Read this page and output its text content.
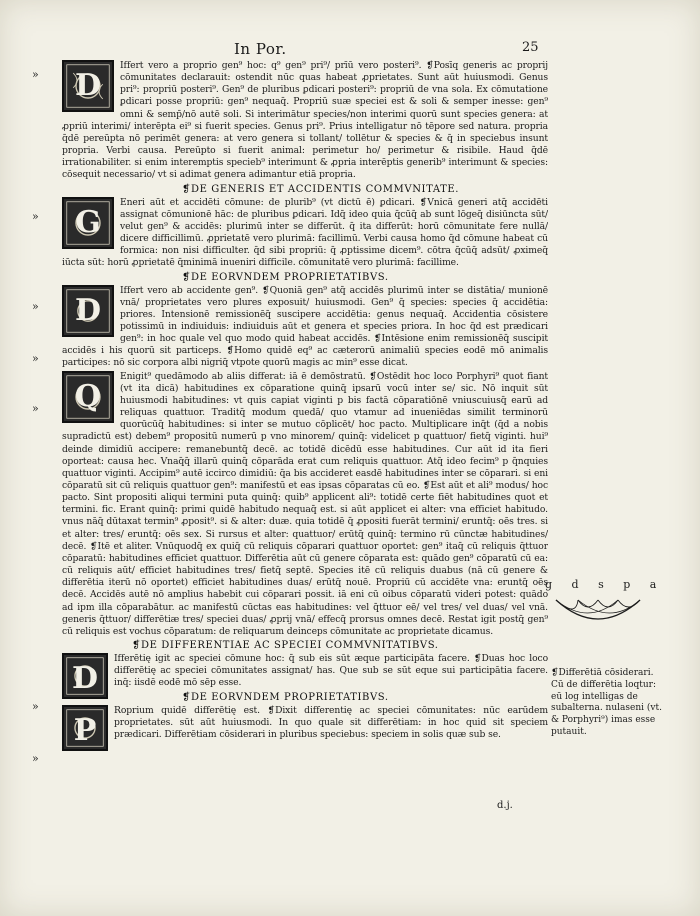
In Por.	25
»
»
»
»
»
»
»
D

Iffert vero a proprio gen⁹ hoc: q⁹ gen⁹ pri⁹/ prīū vero posteri⁹. ❡Posīq generis ac proprij cōmunitates declarauit: ostendit nūc quas habeat ꝓprietates. Sunt aūt huiusmodi. Genus pri⁹: propriū posteri⁹. Gen⁹ de pluribus ꝑdicari posteri⁹: propriū de vna sola. Ex cōmutatione ꝑdicari posse propriū: gen⁹ nequaq̄. Propriū suæ speciei est & soli & semper inesse: gen⁹ omni & semp̄/nō autē soli. Si interimātur species/non interimi quorū sunt species genera: at ꝓpriū interimi/ interēpta ei⁹ si fuerit species. Genus pri⁹. Prius intelligatur nō tēpore sed natura. propria q̄dē pereūpta nō perimēt genera: at vero genera si tollant/ tollētur & species & q̄ in speciebus insunt propria. Verbi causa. Pereūpto si fuerit animal: perimetur ho/ perimetur & risibile. Haud q̄dē irrationabiliter. si enim interemptis specieb⁹ interimunt & ꝓpria interēptis generib⁹ interimunt & species: cōsequit necessario/ vt si adimat genera adimantur etiā propria.

❡DE GENERIS ET ACCIDENTIS COMMVNITATE.
G

Eneri aūt et accidēti cōmune: de plurib⁹ (vt dictū ē) ꝑdicari. ❡Vnicā generi atq̄ accidēti assignat cōmunionē hāc: de pluribus ꝑdicari. Idq̄ ideo quia q̄cūq̄ ab sunt lōgeq̄ disiūncta sūt/ velut gen⁹ & accidēs: plurimū inter se differūt. q̄ ita differūt: horū cōmunitate fere nullā/ dicere difficillimū. ꝓprietatē vero plurimā: facillimū. Verbi causa homo q̄d cōmune habeat cū formica: non nisi difficulter. q̄d sibi propriū: q̄ ꝓptissime dicem⁹. cōtra q̄cūq̄ adsūt/ ꝓximeq̄ iūcta sūt: horū ꝓprietatē q̄minimā inueniri difficile. cōmunitatē vero plurimā: facillime.

❡DE EORVNDEM PROPRIETATIBVS.
D

Iffert vero ab accidente gen⁹. ❡Quoniā gen⁹ atq̄ accidēs plurimū inter se distātia/ munionē vnā/ proprietates vero plures exposuit/ huiusmodi. Gen⁹ q̄ species: species q̄ accidētia: priores. Intensionē remissionēq̄ suscipere accidētia: genus nequaq̄. Accidentia cōsistere potissimū in indiuiduis: indiuiduis aūt et genera et species priora. In hoc q̄d est prædicari gen⁹: in hoc quale vel quo modo quid habeat accidēs. ❡Intēsione enim remissionēq̄ suscipit accidēs i his quorū sit particeps. ❡Homo quidē eq⁹ ac cæterorū animaliū species eodē mō animalis participes: nō sic corpora albi nigriq̄ vtpote quorū magis ac min⁹ esse dicat.

Q

Enigit⁹ quedāmodo ab aliis differat: iā ē demōstratū. ❡Ostēdit hoc loco Porphyri⁹ quot fiant (vt ita dicā) habitudines ex cōparatione quinq̄ ipsarū vocū inter se/ sic. Nō inquit sūt huiusmodi habitudines: vt quis capiat viginti p bis factā cōparatiōnē vniuscuiusq̄ earū ad reliquas quattuor. Traditq̄ modum quedā/ quo vtamur ad inueniēdas similit terminorū quorūcūq̄ habitudines: si inter se mutuo cōplicēt/ hoc pacto. Multiplicare inq̄t (q̄d a nobis supradictū est) debem⁹ propositū numerū p vno minorem/ quinq̄: videlicet p quattuor/ fietq̄ viginti. hui⁹ deinde dimidiū accipere: remanebuntq̄ decē. ac totidē dicēdū esse habitudines. Cur aūt id ita fieri oporteat: causa hec. Vnaq̄q̄ illarū quinq̄ cōparāda erat cum reliquis quattuor. Atq̄ ideo fecim⁹ p q̄nquies quattuor viginti. Accipim⁹ autē iccirco dimidiū: q̄a bis accideret easdē habitudines inter se cōparari. si eni cōparatū sit cū reliquis quattuor gen⁹: manifestū et eas ipsas cōparatas cū eo. ❡Est aūt et ali⁹ modus/ hoc pacto. Sint propositi aliqui termini puta quinq̄: quib⁹ applicent ali⁹: totidē certe fiēt habitudines quot et termini. fic. Erant quinq̄: primi quidē habitudo nequaq̄ est. si aūt applicet ei alter: vna efficiet habitudo. vnus nāq̄ dūtaxat termin⁹ ꝓposit⁹. si & alter: duæ. quia totidē q̄ ꝓpositi fuerāt termini/ eruntq̄: oēs tres. si et alter: tres/ eruntq̄: oēs sex. Si rursus et alter: quattuor/ erūtq̄ quinq̄: termino rū cūnctæ habitudines/ decē. ❡Itē et aliter. Vnūquodq̄ ex quiq̄ cū reliquis cōparari quattuor oportet: gen⁹ itaq̄ cū reliquis q̄ttuor cōparatū: habitudines efficiet quattuor. Differētia aūt cū genere cōparata est: quādo gen⁹ cōparatū cū ea: cū reliquis aūt/ efficiet habitudines tres/ fietq̄ septē. Species itē cū reliquis duabus (nā cū genere & differētia iterū nō oportet) efficiet habitudines duas/ erūtq̄ nouē. Propriū cū accidēte vna: eruntq̄ oēs decē. Accidēs autē nō amplius habebit cui cōparari possit. iā eni cū oibus cōparatū videri potest: quādo ad ipm illa cōparabātur. ac manifestū cūctas eas habitudines: vel q̄ttuor eē/ vel tres/ vel duas/ vel vnā. generis q̄ttuor/ differētiæ tres/ speciei duas/ ꝓprij vnā/ effecq̄ prorsus omnes decē. Restat igit postq̄ gen⁹ cū reliquis est vochus cōparatum: de reliquarum deinceps cōmunitate ac proprietate dicamus.

❡DE DIFFERENTIAE AC SPECIEI COMMVNITATIBVS.
D

Ifferētię igit ac speciei cōmune hoc: q̄ sub eis sūt æque participāta facere. ❡Duas hoc loco differētię ac speciei cōmunitates assignat/ has. Que sub se sūt eque sui participātia facere. inq̄: iisdē eodē mō sēp esse.

❡DE EORVNDEM PROPRIETATIBVS.
P

Roprium quidē differētię est. ❡Dixit differentię ac speciei cōmunitates: nūc earūdem proprietates. sūt aūt huiusmodi. In quo quale sit differētiam: in hoc quid sit speciem prædicari. Differētiam cōsiderari in pluribus speciebus: speciem in solis quæ sub se.

g d s p a
❡Differētiā cōsiderari. Cū de differētia loqtur: eū log intelligas de subalterna. nulaseni (vt. & Porphyri⁹) imas esse putauit.
d.j.
